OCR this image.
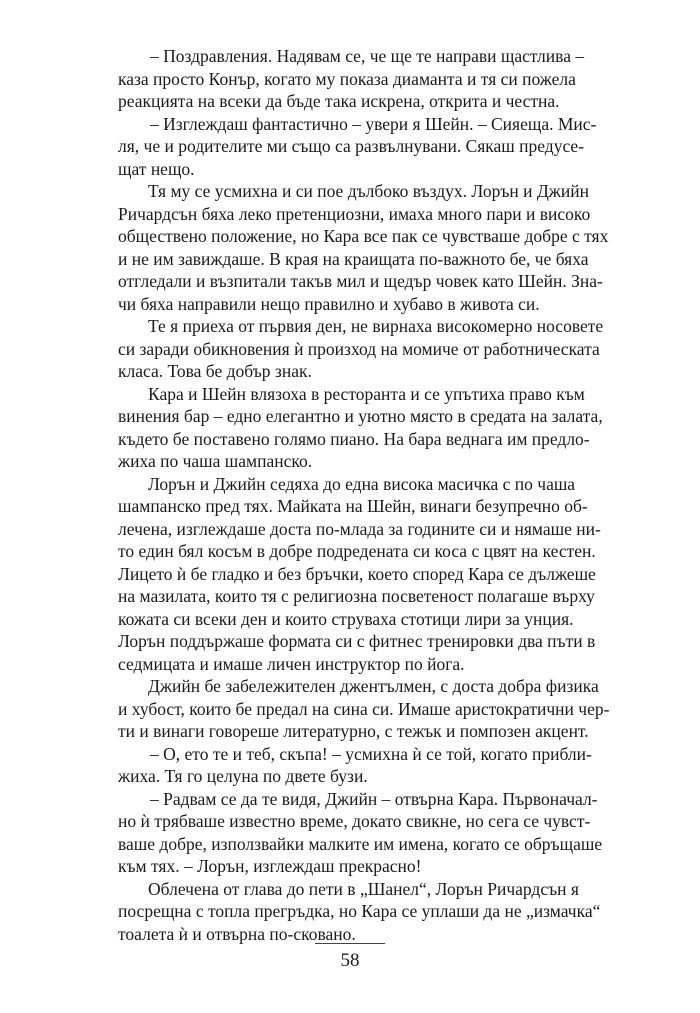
– Поздравления. Надявам се, че ще те направи щастлива –
каза просто Конър, когато му показа диаманта и тя си пожела
реакцията на всеки да бъде така искрена, открита и честна.

– Изглеждаш фантастично – увери я Шейн. – Сияеща. Мис-
ля, че и родителите ми също са развълнувани. Сякаш предусе-
щат нещо.

Тя му се усмихна и си пое дълбоко въздух. Лорън и Джийн
Ричардсън бяха леко претенциозни, имаха много пари и високо
обществено положение, но Кара все пак се чувстваше добре с тях
и не им завиждаше. В края на краищата по-важното бе, че бяха
отгледали и възпитали такъв мил и щедър човек като Шейн. Зна-
чи бяха направили нещо правилно и хубаво в живота си.

Те я приеха от първия ден, не вирнаха високомерно носовете
си заради обикновения ѝ произход на момиче от работническата
класа. Това бе добър знак.

Кара и Шейн влязоха в ресторанта и се упътиха право към
винения бар – едно елегантно и уютно място в средата на залата,
където бе поставено голямо пиано. На бара веднага им предло-
жиха по чаша шампанско.

Лорън и Джийн седяха до една висока масичка с по чаша
шампанско пред тях. Майката на Шейн, винаги безупречно об-
лечена, изглеждаше доста по-млада за годините си и нямаше ни-
то един бял косъм в добре подредената си коса с цвят на кестен.
Лицето ѝ бе гладко и без бръчки, което според Кара се дължеше
на мазилата, които тя с религиозна посветеност полагаше върху
кожата си всеки ден и които струваха стотици лири за унция.
Лорън поддържаше формата си с фитнес тренировки два пъти в
седмицата и имаше личен инструктор по йога.

Джийн бе забележителен джентълмен, с доста добра физика
и хубост, които бе предал на сина си. Имаше аристократични чер-
ти и винаги говореше литературно, с тежък и помпозен акцент.

– О, ето те и теб, скъпа! – усмихна ѝ се той, когато прибли-
жиха. Тя го целуна по двете бузи.

– Радвам се да те видя, Джийн – отвърна Кара. Първоначал-
но ѝ трябваше известно време, докато свикне, но сега се чувст-
ваше добре, използвайки малките им имена, когато се обръщаше
към тях. – Лорън, изглеждаш прекрасно!

Облечена от глава до пети в „Шанел“, Лорън Ричардсън я
посрещна с топла прегръдка, но Кара се уплаши да не „измачка“
тоалета ѝ и отвърна по-сковано.

58
